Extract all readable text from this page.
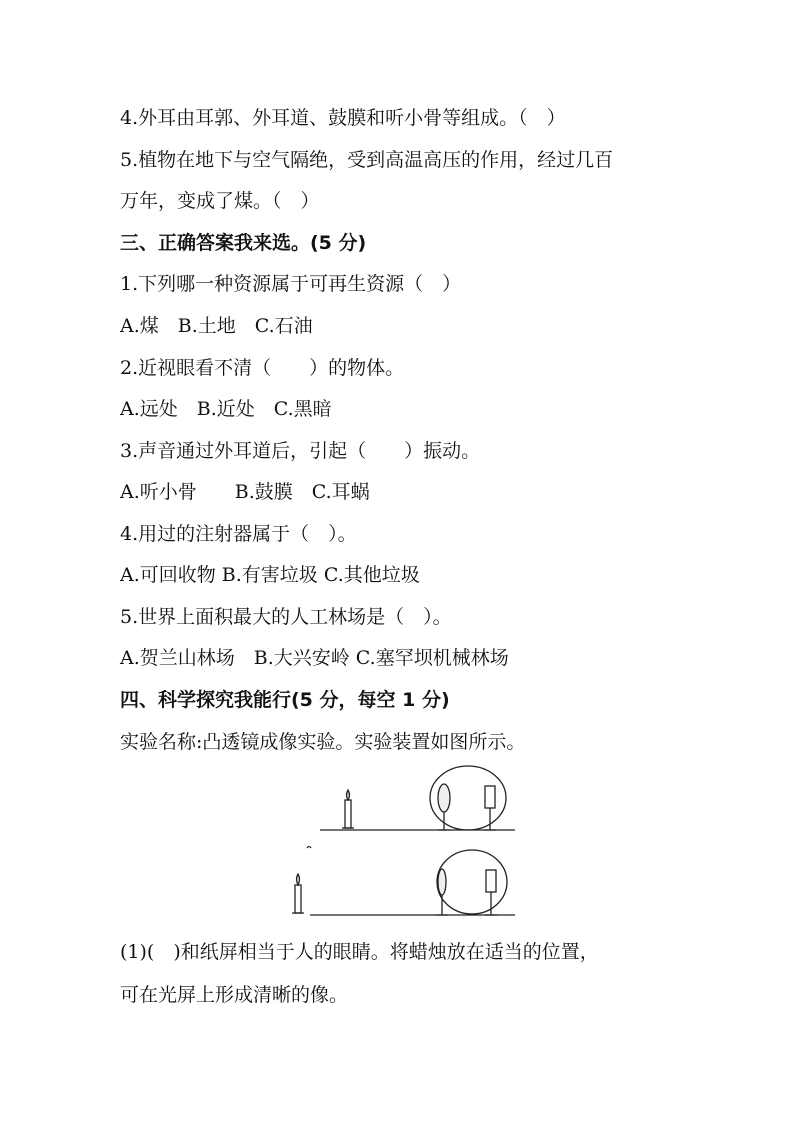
4.外耳由耳郭、外耳道、鼓膜和听小骨等组成。（　）
5.植物在地下与空气隔绝，受到高温高压的作用，经过几百
万年，变成了煤。（　）
三、正确答案我来选。(5 分)
1.下列哪一种资源属于可再生资源（　）
A.煤　B.土地　C.石油
2.近视眼看不清（　　）的物体。
A.远处　B.近处　C.黑暗
3.声音通过外耳道后，引起（　　）振动。
A.听小骨　　B.鼓膜　C.耳蜗
4.用过的注射器属于（　）。
A.可回收物 B.有害垃圾 C.其他垃圾
5.世界上面积最大的人工林场是（　）。
A.贺兰山林场　B.大兴安岭 C.塞罕坝机械林场
四、科学探究我能行(5 分，每空 1 分)
实验名称:凸透镜成像实验。实验装置如图所示。
(1)(　)和纸屏相当于人的眼睛。将蜡烛放在适当的位置，
可在光屏上形成清晰的像。
